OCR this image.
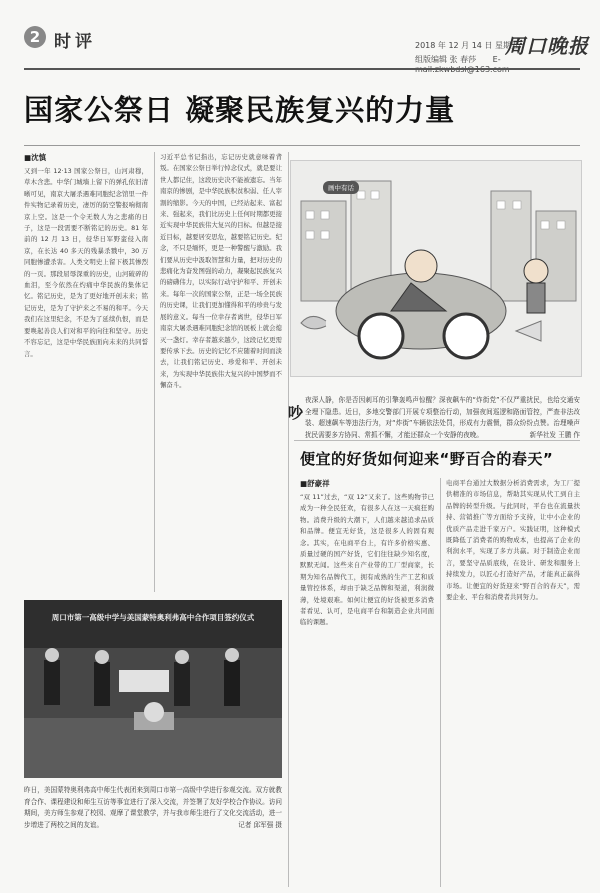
2 时评	2018 年 12 月 14 日 星期五
周口晚报
组版编辑 张 春莎 E-
国家公祭日 凝聚民族复兴的力量
■沈慎
又到一年 12·13 国家公祭日，山河肃穆，草木含悲。中华门城墙上留下的弹孔依旧清晰可见，南京大屠杀遇难同胞纪念馆里一件件实物记录着历史，凄厉的防空警报响彻南京上空。这是一个令无数人为之悲痛的日子，这是一段需要不断铭记的历史。81 年前的 12 月 13 日，侵华日军野蛮侵入南京，在长达 40 多天的残暴杀戮中，30 万同胞惨遭杀害。人类文明史上留下极其惨烈的一页。那段屈辱深重的历史，山河破碎的血泪，至今依然在灼痛中华民族的集体记忆。铭记历史，是为了更好地开创未来；铭记历史，是为了守护来之不易的和平。今天我们在这里纪念，不是为了延续仇恨，而是要唤起善良人们对和平的向往和坚守。历史不容忘记，这是中华民族面向未来的共同誓言。
习近平总书记指出，忘记历史就意味着背叛。在国家公祭日举行悼念仪式，就是要让世人都记住，这段历史决不能被遗忘。当年南京的惨剧，是中华民族积贫积弱、任人宰割的缩影。今天的中国，已经站起来、富起来、强起来，我们比历史上任何时期都更接近实现中华民族伟大复兴的目标。但越是接近目标，越要居安思危，越要铭记历史。纪念，不只是缅怀，更是一种警醒与激励。我们要从历史中汲取智慧和力量，把对历史的悲痛化为奋发图强的动力，凝聚起民族复兴的磅礴伟力，以实际行动守护和平、开创未来。每年一次的国家公祭，正是一场全民族的历史课，让我们更加懂得和平的珍贵与发展的意义。每当一位幸存者离世，侵华日军南京大屠杀遇难同胞纪念馆的展板上就会熄灭一盏灯。幸存者越来越少，这段记忆更需要传承下去。历史的记忆不应随着时间而淡去，让我们铭记历史、珍爱和平、开创未来，为实现中华民族伟大复兴的中国梦而不懈奋斗。
画中有话
吵
夜深人静，你是否因刺耳的引擎轰鸣声惊醒？深夜飙车的“炸街党”不仅严重扰民，也给交通安全埋下隐患。近日，多地交警部门开展专项整治行动，加强夜间巡逻和路面管控，严查非法改装、超速飙车等违法行为，对“炸街”车辆依法处罚，形成有力震慑，群众纷纷点赞。治理噪声扰民需要多方协同、常抓不懈，才能还群众一个安静的夜晚。	新华社发 王鹏 作
便宜的好货如何迎来“野百合的春天”
■舒豪祥
“双 11”过去，“双 12”又来了。这些购物节已成为一种全民狂欢，有很多人在这一天疯狂购物。消费升级的大潮下，人们越来越追求品质和品牌。便宜无好货，这是很多人的固有观念。其实，在电商平台上，有许多价格实惠、质量过硬的国产好货，它们往往缺少知名度，默默无闻。这些来自产业带的工厂型商家，长期为知名品牌代工，拥有成熟的生产工艺和质量管控体系，却由于缺乏品牌和渠道，利润微薄，处境艰难。如何让便宜的好货被更多消费者看见、认可，是电商平台和制造企业共同面临的课题。
电商平台通过大数据分析消费需求，为工厂提供精准的市场信息，帮助其实现从代工到自主品牌的转型升级。与此同时，平台也在流量扶持、营销推广等方面给予支持，让中小企业的优质产品走进千家万户。实践证明，这种模式既降低了消费者的购物成本，也提高了企业的利润水平，实现了多方共赢。对于制造企业而言，要坚守品质底线，在设计、研发和服务上持续发力，以匠心打造好产品，才能真正赢得市场。让便宜的好货迎来“野百合的春天”，需要企业、平台和消费者共同努力。
周口市第一高级中学与美国蒙特奥利弗高中合作项目签约仪式
昨日，美国蒙特奥利弗高中师生代表团来到周口市第一高级中学进行参观交流。双方就教育合作、课程建设和师生互访等事宜进行了深入交流，并签署了友好学校合作协议。访问期间，美方师生参观了校园、观摩了课堂教学，并与我市师生进行了文化交流活动，进一步增进了两校之间的友谊。	记者 邱军强 摄
